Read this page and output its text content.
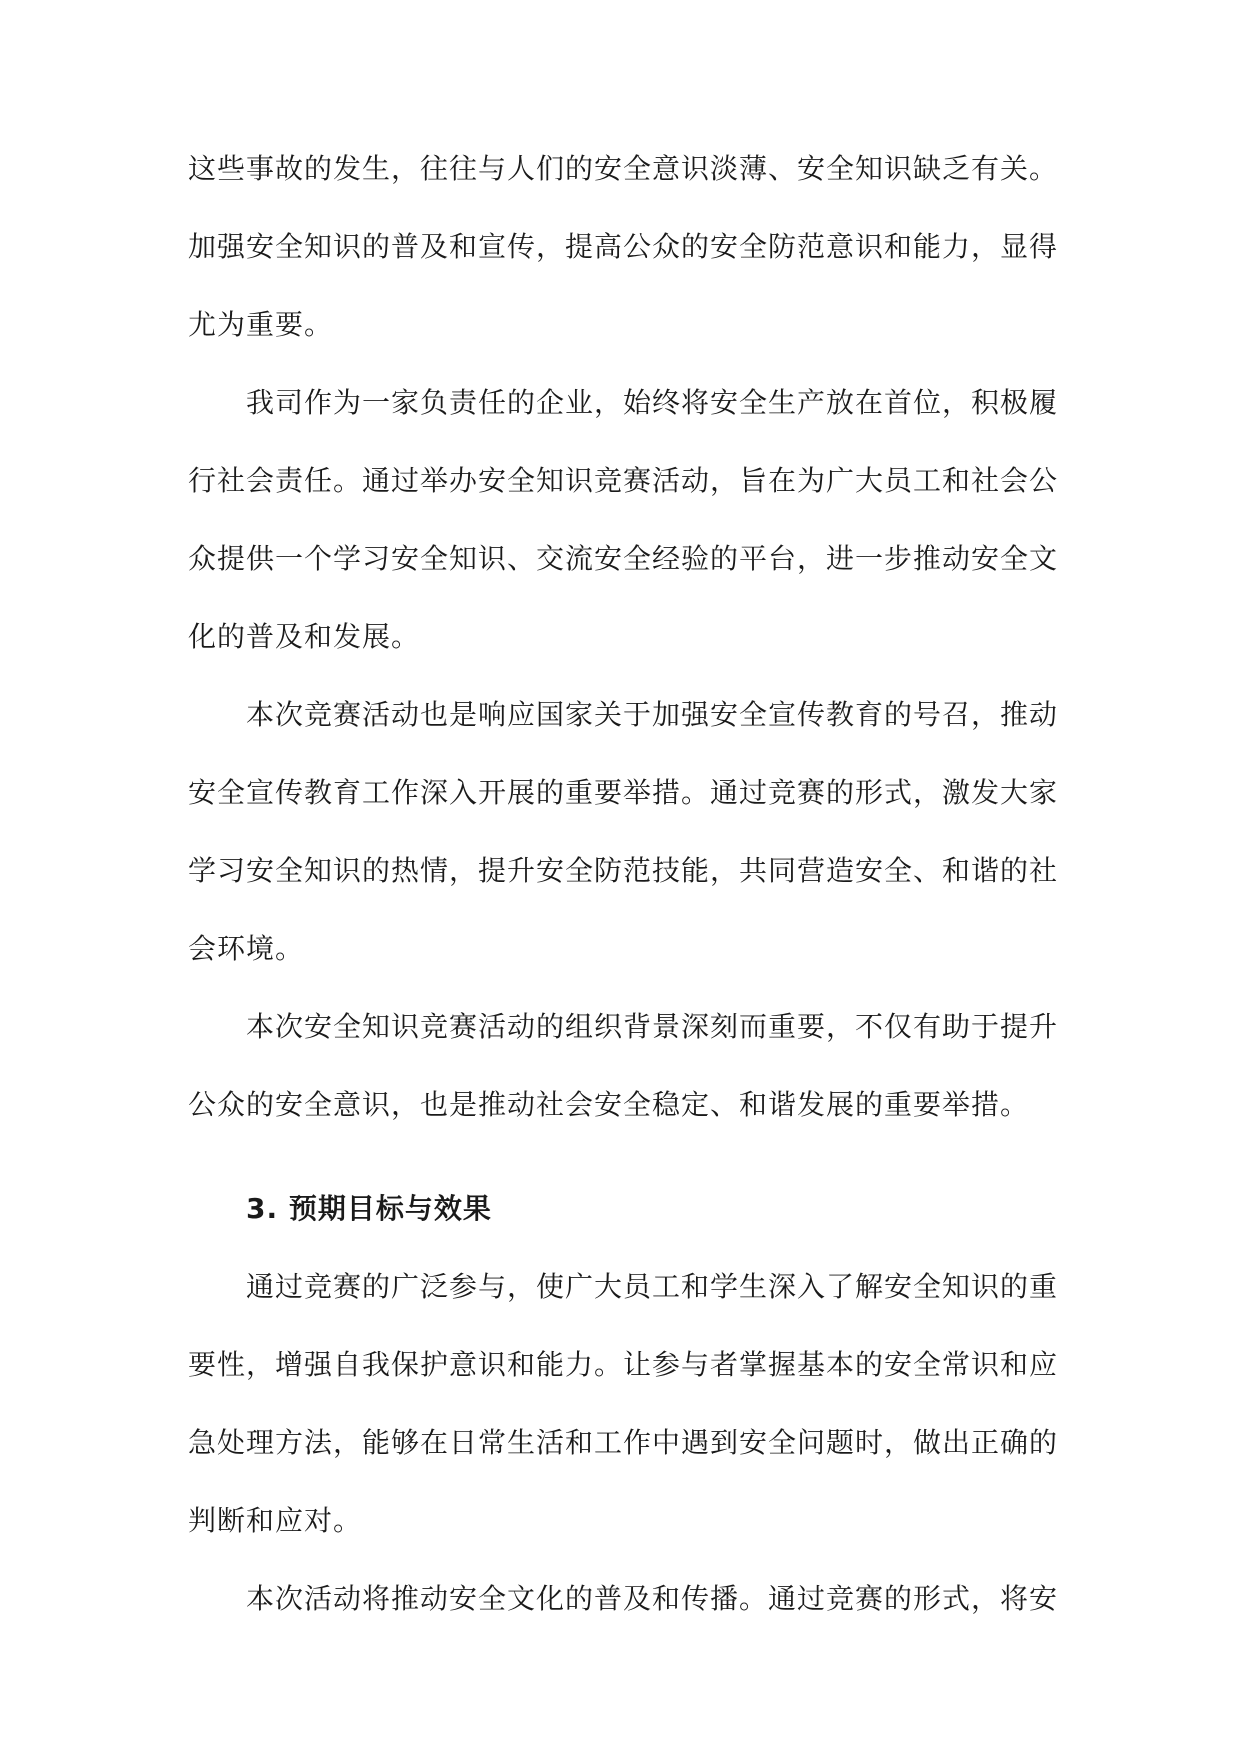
这些事故的发生，往往与人们的安全意识淡薄、安全知识缺乏有关。加强安全知识的普及和宣传，提高公众的安全防范意识和能力，显得尤为重要。

我司作为一家负责任的企业，始终将安全生产放在首位，积极履行社会责任。通过举办安全知识竞赛活动，旨在为广大员工和社会公众提供一个学习安全知识、交流安全经验的平台，进一步推动安全文化的普及和发展。

本次竞赛活动也是响应国家关于加强安全宣传教育的号召，推动安全宣传教育工作深入开展的重要举措。通过竞赛的形式，激发大家学习安全知识的热情，提升安全防范技能，共同营造安全、和谐的社会环境。

本次安全知识竞赛活动的组织背景深刻而重要，不仅有助于提升公众的安全意识，也是推动社会安全稳定、和谐发展的重要举措。

3. 预期目标与效果

通过竞赛的广泛参与，使广大员工和学生深入了解安全知识的重要性，增强自我保护意识和能力。让参与者掌握基本的安全常识和应急处理方法，能够在日常生活和工作中遇到安全问题时，做出正确的判断和应对。

本次活动将推动安全文化的普及和传播。通过竞赛的形式，将安
